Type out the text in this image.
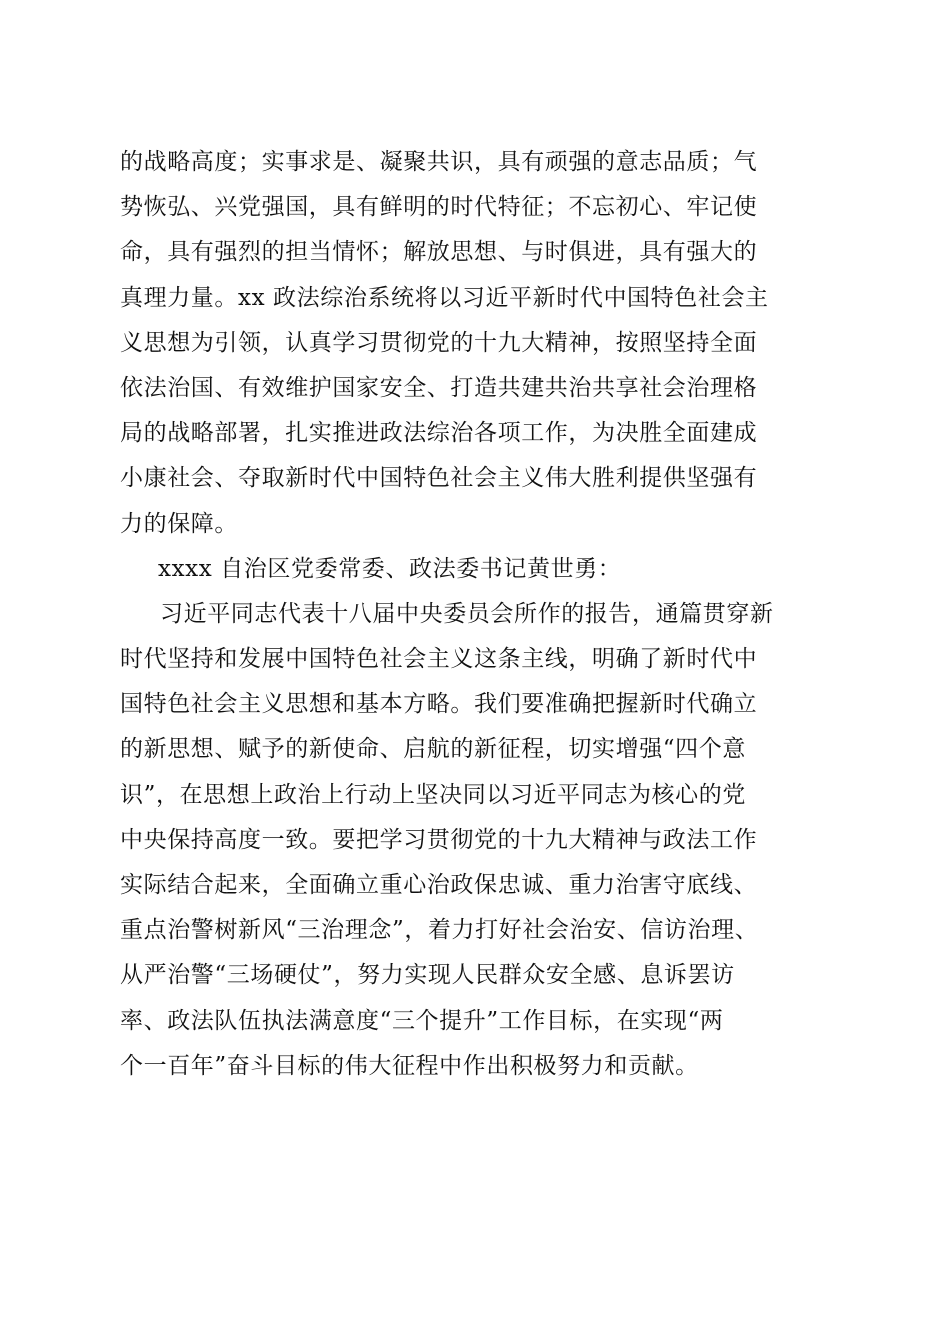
的战略高度；实事求是、凝聚共识，具有顽强的意志品质；气
势恢弘、兴党强国，具有鲜明的时代特征；不忘初心、牢记使
命，具有强烈的担当情怀；解放思想、与时俱进，具有强大的
真理力量。xx 政法综治系统将以习近平新时代中国特色社会主
义思想为引领，认真学习贯彻党的十九大精神，按照坚持全面
依法治国、有效维护国家安全、打造共建共治共享社会治理格
局的战略部署，扎实推进政法综治各项工作，为决胜全面建成
小康社会、夺取新时代中国特色社会主义伟大胜利提供坚强有
力的保障。
xxxx 自治区党委常委、政法委书记黄世勇：
习近平同志代表十八届中央委员会所作的报告，通篇贯穿新
时代坚持和发展中国特色社会主义这条主线，明确了新时代中
国特色社会主义思想和基本方略。我们要准确把握新时代确立
的新思想、赋予的新使命、启航的新征程，切实增强“四个意
识”，在思想上政治上行动上坚决同以习近平同志为核心的党
中央保持高度一致。要把学习贯彻党的十九大精神与政法工作
实际结合起来，全面确立重心治政保忠诚、重力治害守底线、
重点治警树新风“三治理念”，着力打好社会治安、信访治理、
从严治警“三场硬仗”，努力实现人民群众安全感、息诉罢访
率、政法队伍执法满意度“三个提升”工作目标，在实现“两
个一百年”奋斗目标的伟大征程中作出积极努力和贡献。
